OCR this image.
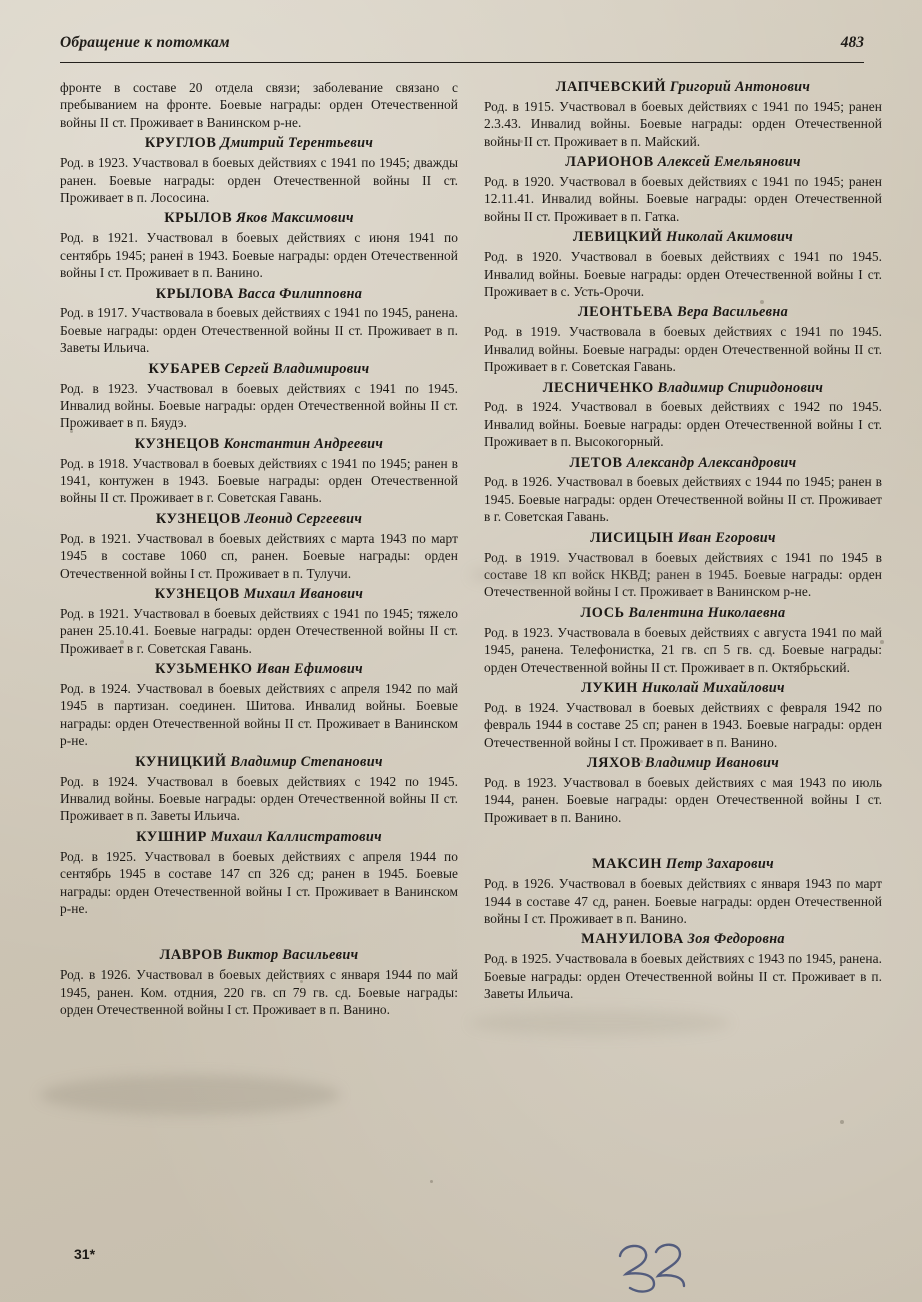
Обращение к потомкам	483
фронте в составе 20 отдела связи; заболевание связано с пребыванием на фронте. Боевые награды: орден Отечественной войны II ст. Проживает в Ванинском р-не.
КРУГЛОВ Дмитрий Терентьевич
Род. в 1923. Участвовал в боевых действиях с 1941 по 1945; дважды ранен. Боевые награды: орден Отечественной войны II ст. Проживает в п. Лососина.
КРЫЛОВ Яков Максимович
Род. в 1921. Участвовал в боевых действиях с июня 1941 по сентябрь 1945; ранен в 1943. Боевые награды: орден Отечественной войны I ст. Проживает в п. Ванино.
КРЫЛОВА Васса Филипповна
Род. в 1917. Участвовала в боевых действиях с 1941 по 1945, ранена. Боевые награды: орден Отечественной войны II ст. Проживает в п. Заветы Ильича.
КУБАРЕВ Сергей Владимирович
Род. в 1923. Участвовал в боевых действиях с 1941 по 1945. Инвалид войны. Боевые награды: орден Отечественной войны II ст. Проживает в п. Бяудэ.
КУЗНЕЦОВ Константин Андреевич
Род. в 1918. Участвовал в боевых действиях с 1941 по 1945; ранен в 1941, контужен в 1943. Боевые награды: орден Отечественной войны II ст. Проживает в г. Советская Гавань.
КУЗНЕЦОВ Леонид Сергеевич
Род. в 1921. Участвовал в боевых действиях с марта 1943 по март 1945 в составе 1060 сп, ранен. Боевые награды: орден Отечественной войны I ст. Проживает в п. Тулучи.
КУЗНЕЦОВ Михаил Иванович
Род. в 1921. Участвовал в боевых действиях с 1941 по 1945; тяжело ранен 25.10.41. Боевые награды: орден Отечественной войны II ст. Проживает в г. Советская Гавань.
КУЗЬМЕНКО Иван Ефимович
Род. в 1924. Участвовал в боевых действиях с апреля 1942 по май 1945 в партизан. соединен. Шитова. Инвалид войны. Боевые награды: орден Отечественной войны II ст. Проживает в Ванинском р-не.
КУНИЦКИЙ Владимир Степанович
Род. в 1924. Участвовал в боевых действиях с 1942 по 1945. Инвалид войны. Боевые награды: орден Отечественной войны II ст. Проживает в п. Заветы Ильича.
КУШНИР Михаил Каллистратович
Род. в 1925. Участвовал в боевых действиях с апреля 1944 по сентябрь 1945 в составе 147 сп 326 сд; ранен в 1945. Боевые награды: орден Отечественной войны I ст. Проживает в Ванинском р-не.
ЛАВРОВ Виктор Васильевич
Род. в 1926. Участвовал в боевых действиях с января 1944 по май 1945, ранен. Ком. отдния, 220 гв. сп 79 гв. сд. Боевые награды: орден Отечественной войны I ст. Проживает в п. Ванино.
ЛАПЧЕВСКИЙ Григорий Антонович
Род. в 1915. Участвовал в боевых действиях с 1941 по 1945; ранен 2.3.43. Инвалид войны. Боевые награды: орден Отечественной войны II ст. Проживает в п. Майский.
ЛАРИОНОВ Алексей Емельянович
Род. в 1920. Участвовал в боевых действиях с 1941 по 1945; ранен 12.11.41. Инвалид войны. Боевые награды: орден Отечественной войны II ст. Проживает в п. Гатка.
ЛЕВИЦКИЙ Николай Акимович
Род. в 1920. Участвовал в боевых действиях с 1941 по 1945. Инвалид войны. Боевые награды: орден Отечественной войны I ст. Проживает в с. Усть-Орочи.
ЛЕОНТЬЕВА Вера Васильевна
Род. в 1919. Участвовала в боевых действиях с 1941 по 1945. Инвалид войны. Боевые награды: орден Отечественной войны II ст. Проживает в г. Советская Гавань.
ЛЕСНИЧЕНКО Владимир Спиридонович
Род. в 1924. Участвовал в боевых действиях с 1942 по 1945. Инвалид войны. Боевые награды: орден Отечественной войны I ст. Проживает в п. Высокогорный.
ЛЕТОВ Александр Александрович
Род. в 1926. Участвовал в боевых действиях с 1944 по 1945; ранен в 1945. Боевые награды: орден Отечественной войны II ст. Проживает в г. Советская Гавань.
ЛИСИЦЫН Иван Егорович
Род. в 1919. Участвовал в боевых действиях с 1941 по 1945 в составе 18 кп войск НКВД; ранен в 1945. Боевые награды: орден Отечественной войны I ст. Проживает в Ванинском р-не.
ЛОСЬ Валентина Николаевна
Род. в 1923. Участвовала в боевых действиях с августа 1941 по май 1945, ранена. Телефонистка, 21 гв. сп 5 гв. сд. Боевые награды: орден Отечественной войны II ст. Проживает в п. Октябрьский.
ЛУКИН Николай Михайлович
Род. в 1924. Участвовал в боевых действиях с февраля 1942 по февраль 1944 в составе 25 сп; ранен в 1943. Боевые награды: орден Отечественной войны I ст. Проживает в п. Ванино.
ЛЯХОВ Владимир Иванович
Род. в 1923. Участвовал в боевых действиях с мая 1943 по июль 1944, ранен. Боевые награды: орден Отечественной войны I ст. Проживает в п. Ванино.
МАКСИН Петр Захарович
Род. в 1926. Участвовал в боевых действиях с января 1943 по март 1944 в составе 47 сд, ранен. Боевые награды: орден Отечественной войны I ст. Проживает в п. Ванино.
МАНУИЛОВА Зоя Федоровна
Род. в 1925. Участвовала в боевых действиях с 1943 по 1945, ранена. Боевые награды: орден Отечественной войны II ст. Проживает в п. Заветы Ильича.
31*
